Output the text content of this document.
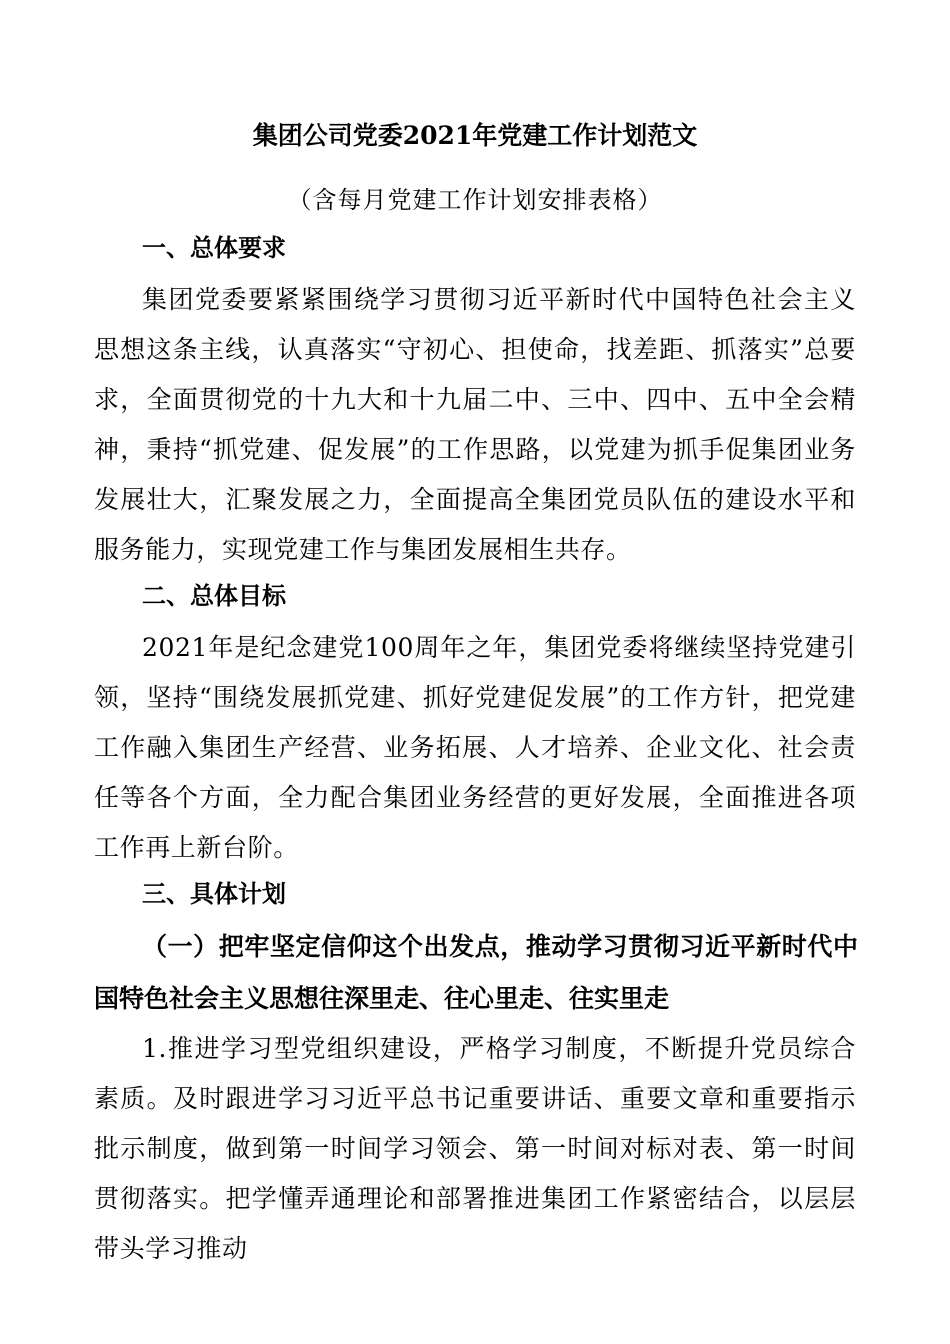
集团公司党委2021年党建工作计划范文
（含每月党建工作计划安排表格）
一、总体要求
集团党委要紧紧围绕学习贯彻习近平新时代中国特色社会主义思想这条主线，认真落实“守初心、担使命，找差距、抓落实”总要求，全面贯彻党的十九大和十九届二中、三中、四中、五中全会精神，秉持“抓党建、促发展”的工作思路，以党建为抓手促集团业务发展壮大，汇聚发展之力，全面提高全集团党员队伍的建设水平和服务能力，实现党建工作与集团发展相生共存。
二、总体目标
2021年是纪念建党100周年之年，集团党委将继续坚持党建引领，坚持“围绕发展抓党建、抓好党建促发展”的工作方针，把党建工作融入集团生产经营、业务拓展、人才培养、企业文化、社会责任等各个方面，全力配合集团业务经营的更好发展，全面推进各项工作再上新台阶。
三、具体计划
（一）把牢坚定信仰这个出发点，推动学习贯彻习近平新时代中国特色社会主义思想往深里走、往心里走、往实里走
1.推进学习型党组织建设，严格学习制度，不断提升党员综合素质。及时跟进学习习近平总书记重要讲话、重要文章和重要指示批示制度，做到第一时间学习领会、第一时间对标对表、第一时间贯彻落实。把学懂弄通理论和部署推进集团工作紧密结合，以层层带头学习推动
